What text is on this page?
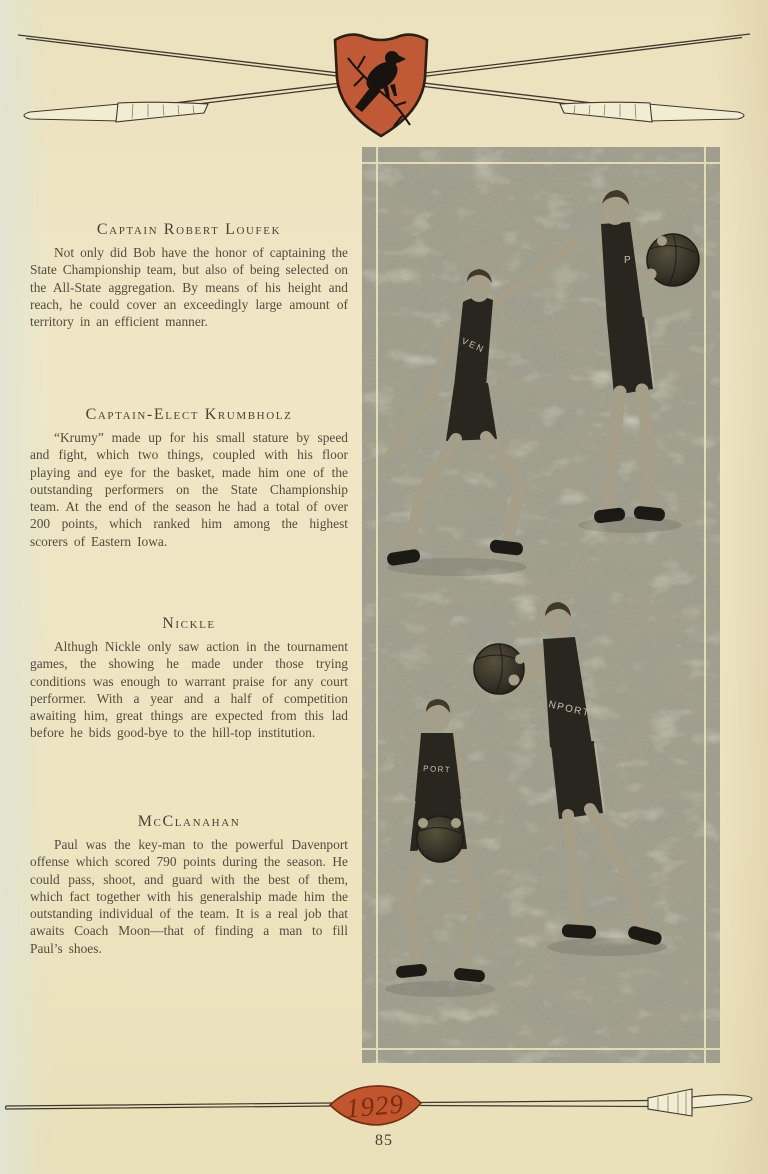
Captain Robert Loufek

Not only did Bob have the honor of captaining the State Championship team, but also of being selected on the All-State aggregation. By means of his height and reach, he could cover an exceedingly large amount of territory in an efficient manner.

Captain-Elect Krumbholz

“Krumy” made up for his small stature by speed and fight, which two things, coupled with his floor playing and eye for the basket, made him one of the outstanding performers on the State Championship team. At the end of the season he had a total of over 200 points, which ranked him among the highest scorers of Eastern Iowa.

Nickle

Althugh Nickle only saw action in the tournament games, the showing he made under those trying conditions was enough to warrant praise for any court performer. With a year and a half of competition awaiting him, great things are expected from this lad before he bids good-bye to the hill-top institution.

McClanahan

Paul was the key-man to the powerful Davenport offense which scored 790 points during the season. He could pass, shoot, and guard with the best of them, which fact together with his generalship made him the outstanding individual of the team. It is a real job that awaits Coach Moon—that of finding a man to fill Paul’s shoes.

VEN
P
PORT
NPORT
1929
85
